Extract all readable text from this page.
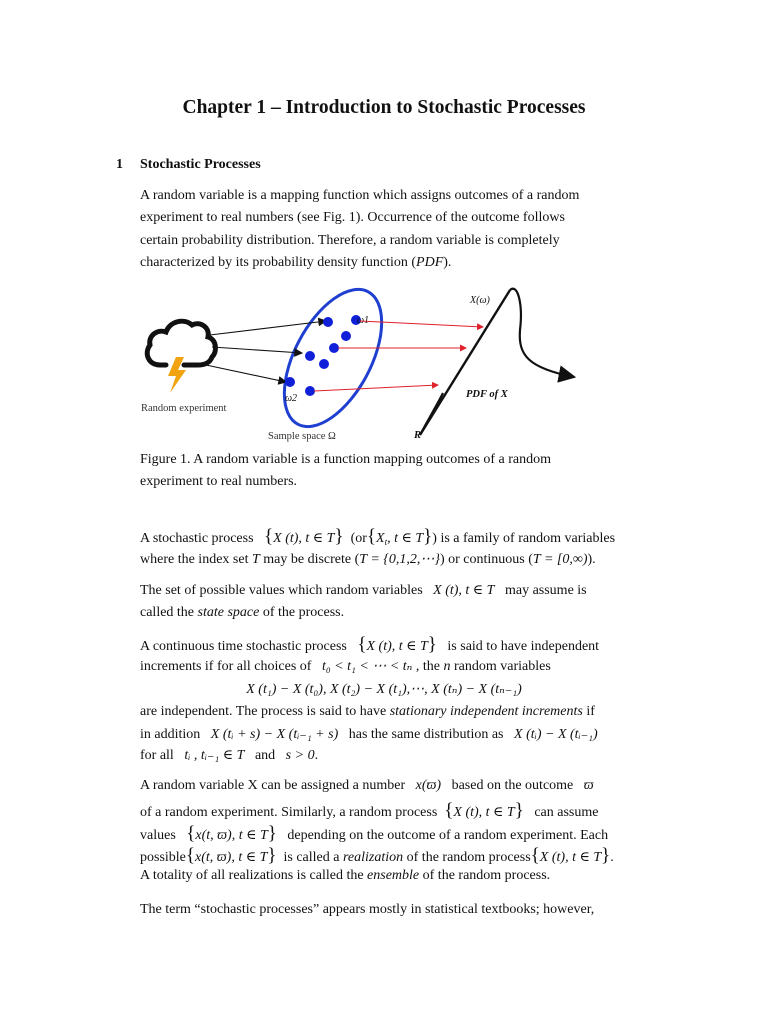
Chapter 1 – Introduction to Stochastic Processes
1 Stochastic Processes
A random variable is a mapping function which assigns outcomes of a random
experiment to real numbers (see Fig. 1). Occurrence of the outcome follows
certain probability distribution. Therefore, a random variable is completely
characterized by its probability density function (PDF).
Random experiment
ω1
ω2
X(ω)
PDF of X
Sample space Ω	R
Figure 1. A random variable is a function mapping outcomes of a random
experiment to real numbers.
A stochastic process {X (t), t ∈ T} ($or\{X_t$, t ∈ T}) is a family of random variables
where the index set T may be discrete (T = {0,1,2,⋯}) or continuous (T = [0,∞)).
The set of possible values which random variables X (t), t ∈ T may assume is
called the state space of the process.
A continuous time stochastic process {X (t), t ∈ T} is said to have independent
increments if for all choices of t₀ < t₁ < ⋯ < tₙ , the n random variables
X (t₁) − X (t₀), X (t₂) − X (t₁),⋯, X (tₙ) − X (tₙ₋₁)
are independent. The process is said to have stationary independent increments if
in addition X (tᵢ + s) − X (tᵢ₋₁ + s) has the same distribution as X (tᵢ) − X (tᵢ₋₁)
for all tᵢ , tᵢ₋₁ ∈ T and s > 0.
A random variable X can be assigned a number x(ϖ) based on the outcome ϖ
of a random experiment. Similarly, a random process {X (t), t ∈ T} can assume
values {x(t, ϖ), t ∈ T} depending on the outcome of a random experiment. Each
possible{x(t, ϖ), t ∈ T} is called a realization of the random process{X (t), t ∈ T}.
A totality of all realizations is called the ensemble of the random process.
The term “stochastic processes” appears mostly in statistical textbooks; however,
